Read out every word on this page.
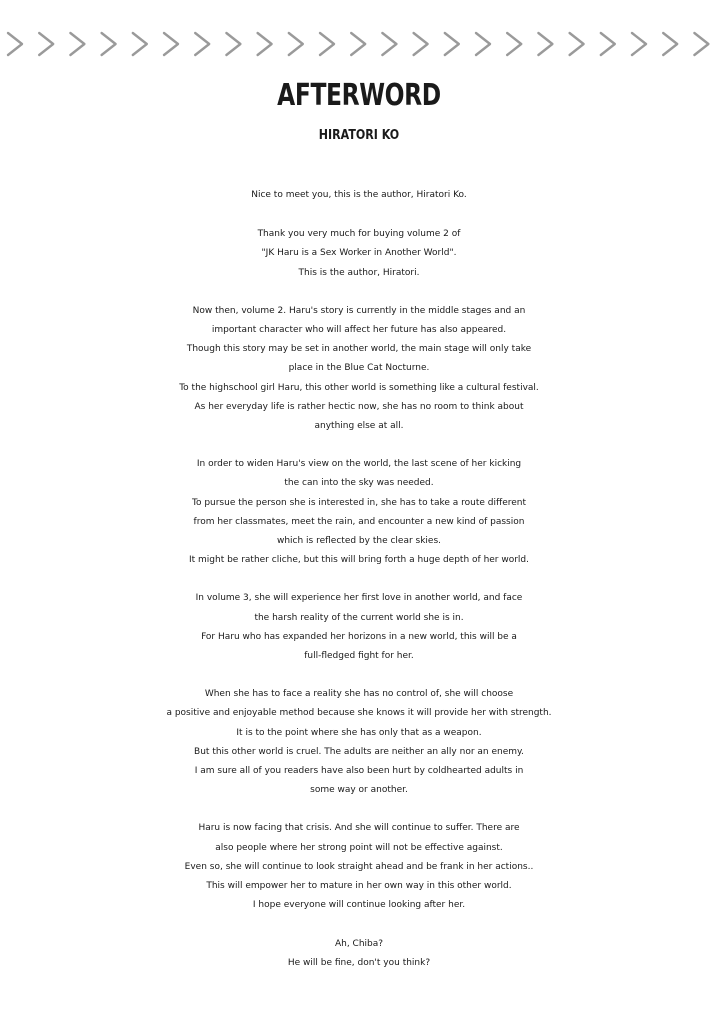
AFTERWORD
HIRATORI KO
Nice to meet you, this is the author, Hiratori Ko.
Thank you very much for buying volume 2 of
"JK Haru is a Sex Worker in Another World".
This is the author, Hiratori.
Now then, volume 2. Haru's story is currently in the middle stages and an
important character who will affect her future has also appeared.
Though this story may be set in another world, the main stage will only take
place in the Blue Cat Nocturne.
To the highschool girl Haru, this other world is something like a cultural festival.
As her everyday life is rather hectic now, she has no room to think about
anything else at all.
In order to widen Haru's view on the world, the last scene of her kicking
the can into the sky was needed.
To pursue the person she is interested in, she has to take a route different
from her classmates, meet the rain, and encounter a new kind of passion
which is reflected by the clear skies.
It might be rather cliche, but this will bring forth a huge depth of her world.
In volume 3, she will experience her first love in another world, and face
the harsh reality of the current world she is in.
For Haru who has expanded her horizons in a new world, this will be a
full-fledged fight for her.
When she has to face a reality she has no control of, she will choose
a positive and enjoyable method because she knows it will provide her with strength.
It is to the point where she has only that as a weapon.
But this other world is cruel. The adults are neither an ally nor an enemy.
I am sure all of you readers have also been hurt by coldhearted adults in
some way or another.
Haru is now facing that crisis. And she will continue to suffer. There are
also people where her strong point will not be effective against.
Even so, she will continue to look straight ahead and be frank in her actions..
This will empower her to mature in her own way in this other world.
I hope everyone will continue looking after her.
Ah, Chiba?
He will be fine, don't you think?
